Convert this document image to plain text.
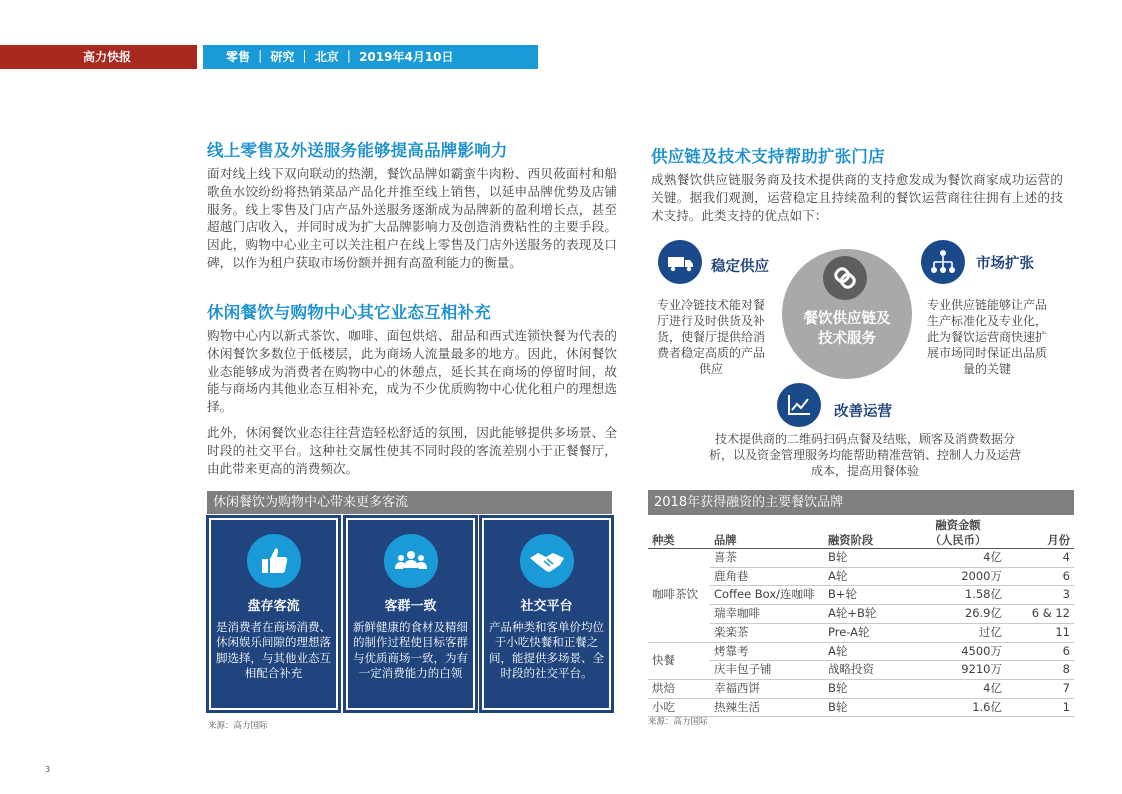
高力快报	零售 ｜ 研究 ｜ 北京 ｜ 2019年4月10日
线上零售及外送服务能够提高品牌影响力
面对线上线下双向联动的热潮，餐饮品牌如霸蛮牛肉粉、西贝莜面村和船歌鱼水饺纷纷将热销菜品产品化并推至线上销售，以延申品牌优势及店铺服务。线上零售及门店产品外送服务逐渐成为品牌新的盈利增长点，甚至超越门店收入，并同时成为扩大品牌影响力及创造消费粘性的主要手段。因此，购物中心业主可以关注租户在线上零售及门店外送服务的表现及口碑，以作为租户获取市场份额并拥有高盈利能力的衡量。
休闲餐饮与购物中心其它业态互相补充
购物中心内以新式茶饮、咖啡、面包烘焙、甜品和西式连锁快餐为代表的休闲餐饮多数位于低楼层，此为商场人流量最多的地方。因此，休闲餐饮业态能够成为消费者在购物中心的休憩点，延长其在商场的停留时间，故能与商场内其他业态互相补充，成为不少优质购物中心优化租户的理想选择。
此外，休闲餐饮业态往往营造轻松舒适的氛围，因此能够提供多场景、全时段的社交平台。这种社交属性使其不同时段的客流差别小于正餐餐厅，由此带来更高的消费频次。
休闲餐饮为购物中心带来更多客流
盘存客流
是消费者在商场消费、休闲娱乐间隙的理想落脚选择，与其他业态互相配合补充
客群一致
新鲜健康的食材及精细的制作过程使目标客群与优质商场一致，为有一定消费能力的白领
社交平台
产品种类和客单价均位于小吃快餐和正餐之间，能提供多场景、全时段的社交平台。
来源：高力国际
供应链及技术支持帮助扩张门店
成熟餐饮供应链服务商及技术提供商的支持愈发成为餐饮商家成功运营的关键。据我们观测，运营稳定且持续盈利的餐饮运营商往往拥有上述的技术支持。此类支持的优点如下：
餐饮供应链及
技术服务
稳定供应
专业冷链技术能对餐厅进行及时供货及补货，使餐厅提供给消费者稳定高质的产品供应
市场扩张
专业供应链能够让产品生产标准化及专业化，此为餐饮运营商快速扩展市场同时保证出品质量的关键
改善运营
技术提供商的二维码扫码点餐及结账，顾客及消费数据分析，以及资金管理服务均能帮助精准营销、控制人力及运营成本，提高用餐体验
2018年获得融资的主要餐饮品牌
种类	品牌	融资阶段	融资金额
（人民币）	月份
咖啡茶饮	喜茶	B轮	4亿	4
	鹿角巷	A轮	2000万	6
	Coffee Box/连咖啡	B+轮	1.58亿	3
	瑞幸咖啡	A轮+B轮	26.9亿	6 & 12
	楽楽茶	Pre-A轮	过亿	11
快餐	烤靠考	A轮	4500万	6
	庆丰包子铺	战略投资	9210万	8
烘焙	幸福西饼	B轮	4亿	7
小吃	热辣生活	B轮	1.6亿	1
来源：高力国际
3
